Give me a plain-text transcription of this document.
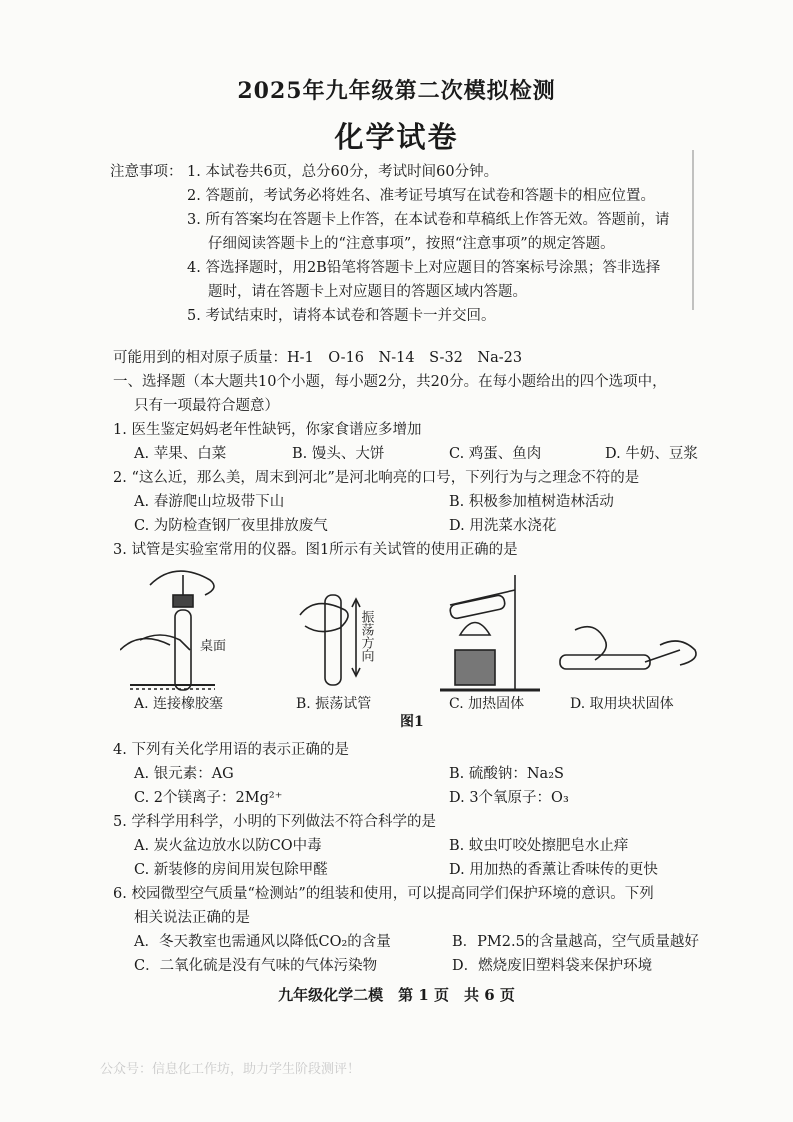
2025年九年级第二次模拟检测
化学试卷
注意事项： 1. 本试卷共6页，总分60分，考试时间60分钟。
2. 答题前，考试务必将姓名、准考证号填写在试卷和答题卡的相应位置。
3. 所有答案均在答题卡上作答，在本试卷和草稿纸上作答无效。答题前，请
仔细阅读答题卡上的“注意事项”，按照“注意事项”的规定答题。
4. 答选择题时，用2B铅笔将答题卡上对应题目的答案标号涂黑；答非选择
题时，请在答题卡上对应题目的答题区域内答题。
5. 考试结束时，请将本试卷和答题卡一并交回。
可能用到的相对原子质量：H-1　O-16　N-14　S-32　Na-23
一、选择题（本大题共10个小题，每小题2分，共20分。在每小题给出的四个选项中，
只有一项最符合题意）
1. 医生鉴定妈妈老年性缺钙，你家食谱应多增加
A. 苹果、白菜	B. 馒头、大饼	C. 鸡蛋、鱼肉	D. 牛奶、豆浆
2. “这么近，那么美，周末到河北”是河北响亮的口号，下列行为与之理念不符的是
A. 春游爬山垃圾带下山	B. 积极参加植树造林活动
C. 为防检查钢厂夜里排放废气	D. 用洗菜水浇花
3. 试管是实验室常用的仪器。图1所示有关试管的使用正确的是
振荡方向
桌面
A. 连接橡胶塞	B. 振荡试管	C. 加热固体	D. 取用块状固体
图1
4. 下列有关化学用语的表示正确的是
A. 银元素：AG	B. 硫酸钠：Na₂S
C. 2个镁离子：2Mg²⁺	D. 3个氧原子：O₃
5. 学科学用科学，小明的下列做法不符合科学的是
A. 炭火盆边放水以防CO中毒	B. 蚊虫叮咬处擦肥皂水止痒
C. 新装修的房间用炭包除甲醛	D. 用加热的香薰让香味传的更快
6. 校园微型空气质量“检测站”的组装和使用，可以提高同学们保护环境的意识。下列
相关说法正确的是
A．冬天教室也需通风以降低CO₂的含量	B．PM2.5的含量越高，空气质量越好
C．二氧化硫是没有气味的气体污染物	D．燃烧废旧塑料袋来保护环境
九年级化学二模　第 1 页　共 6 页
公众号：信息化工作坊，助力学生阶段测评！
